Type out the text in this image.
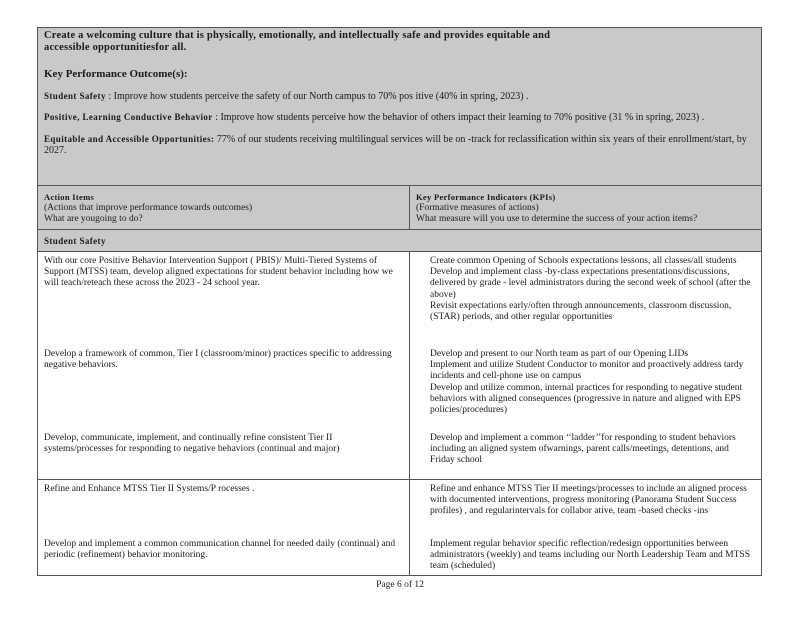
Create a welcoming culture that is physically, emotionally, and intellectually safe and provides equitable and
accessible opportunitiesfor all.

Key Performance Outcome(s):

Student Safety : Improve how students perceive the safety of our North campus to 70% pos itive (40% in spring, 2023) .

Positive, Learning Conductive Behavior : Improve how students perceive how the behavior of others impact their learning to 70% positive (31 % in spring, 2023) .

Equitable and Accessible Opportunities: 77% of our students receiving multilingual services will be on -track for reclassification within six years of their enrollment/start, by 2027.

Action Items
(Actions that improve performance towards outcomes)
What are yougoing to do?
Key Performance Indicators (KPIs)
(Formative measures of actions)
What measure will you use to determine the success of your action items?
Student Safety
With our core Positive Behavior Intervention Support ( PBIS)/ Multi-Tiered Systems of Support (MTSS) team, develop aligned expectations for student behavior including how we will teach/reteach these across the 2023 - 24 school year.
Create common Opening of Schools expectations lessons, all classes/all students
Develop and implement class -by-class expectations presentations/discussions, delivered by grade - level administrators during the second week of school (after the above)
Revisit expectations early/often through announcements, classroom discussion, (STAR) periods, and other regular opportunities
Develop a framework of common, Tier I (classroom/minor) practices specific to addressing negative behaviors.
Develop and present to our North team as part of our Opening LIDs
Implement and utilize Student Conductor to monitor and proactively address tardy incidents and cell-phone use on campus
Develop and utilize common, internal practices for responding to negative student behaviors with aligned consequences (progressive in nature and aligned with EPS policies/procedures)
Develop, communicate, implement, and continually refine consistent Tier II systems/processes for responding to negative behaviors (continual and major)
Develop and implement a common ‘‘ladder’’for responding to student behaviors including an aligned system ofwarnings, parent calls/meetings, detentions, and Friday school
Refine and Enhance MTSS Tier II Systems/P rocesses .	Refine and enhance MTSS Tier II meetings/processes to include an aligned process with documented interventions, progress monitoring (Panorama Student Success profiles) , and regularintervals for collabor ative, team -based checks -ins
Develop and implement a common communication channel for needed daily (continual) and periodic (refinement) behavior monitoring.
Implement regular behavior specific reflection/redesign opportunities between administrators (weekly) and teams including our North Leadership Team and MTSS team (scheduled)
Page 6 of 12
